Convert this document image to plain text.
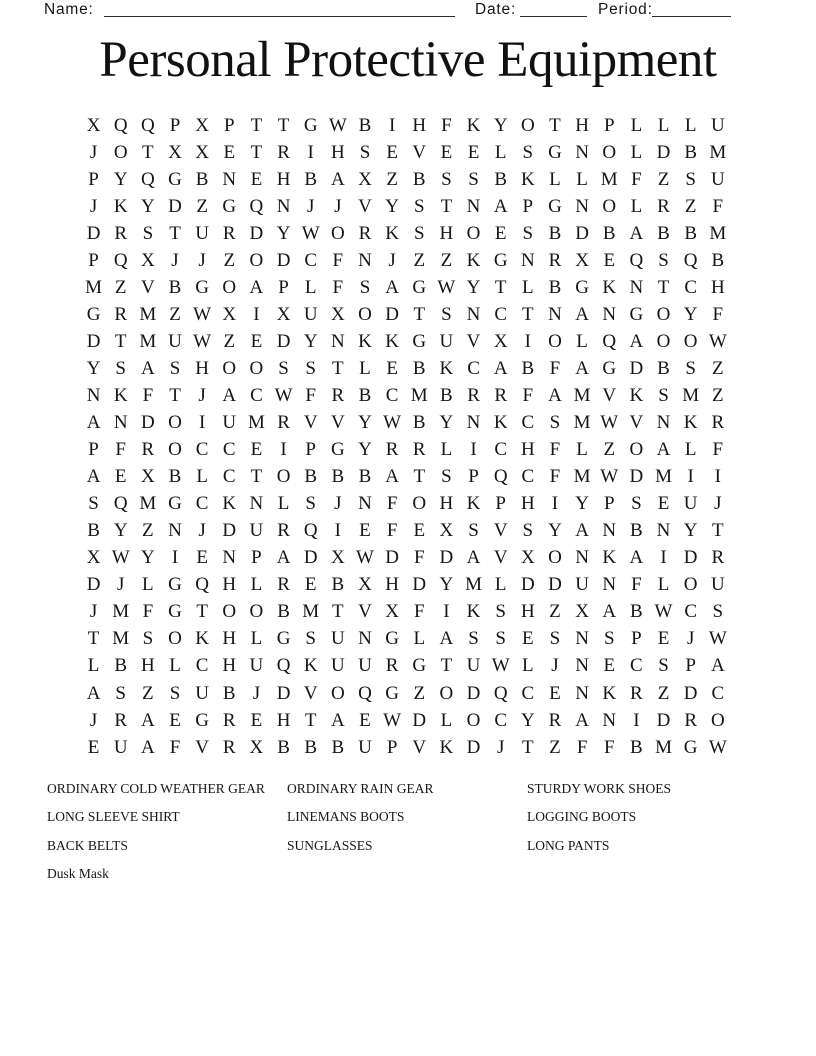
Name:	Date:	Period:
Personal Protective Equipment
X Q Q P X P T T G W B I H F K Y O T H P L L L U
J O T X X E T R I H S E V E E L S G N O L D B M
P Y Q G B N E H B A X Z B S S B K L L M F Z S U
J K Y D Z G Q N J	J V Y S T N A P G N O L R Z F
D R S T U R D Y W O R K S H O E S B D B A B B M
P Q X J	J Z O D C F N J Z Z K G N R X E Q S Q B
M Z V B G O A P L F S A G W Y T L B G K N T C H
G R M Z W X I X U X O D T S N C T N A N G O Y F
D T M U W Z E D Y N K K G U V X I O L Q A O O W
Y S A S H O O S S T L E B K C A B F A G D B S Z
N K F T J A C W F R B C M B R R F A M V K S M Z
A N D O I U M R V V Y W B Y N K C S M W V N K R
P F R O C C E I P G Y R R L I C H F L Z O A L F
A E X B L C T O B B B A T S P Q C F M W D M I	I
S Q M G C K N L S J N F O H K P H I Y P S E U J
B Y Z N J D U R Q I E F E X S V S Y A N B N Y T
X W Y I E N P A D X W D F D A V X O N K A I D R
D J L G Q H L R E B X H D Y M L D D U N F L O U
J M F G T O O B M T V X F I K S H Z X A B W C S
T M S O K H L G S U N G L A S S E S N S P E J W
L B H L C H U Q K U U R G T U W L J N E C S P A
A S Z S U B J D V O Q G Z O D Q C E N K R Z D C
J R A E G R E H T A E W D L O C Y R A N I D R O
E U A F V R X B B B U P V K D J T Z F F B M G W
ORDINARY COLD WEATHER GEAR
LONG SLEEVE SHIRT
BACK BELTS
Dusk Mask
ORDINARY RAIN GEAR
LINEMANS BOOTS
SUNGLASSES
STURDY WORK SHOES
LOGGING BOOTS
LONG PANTS
